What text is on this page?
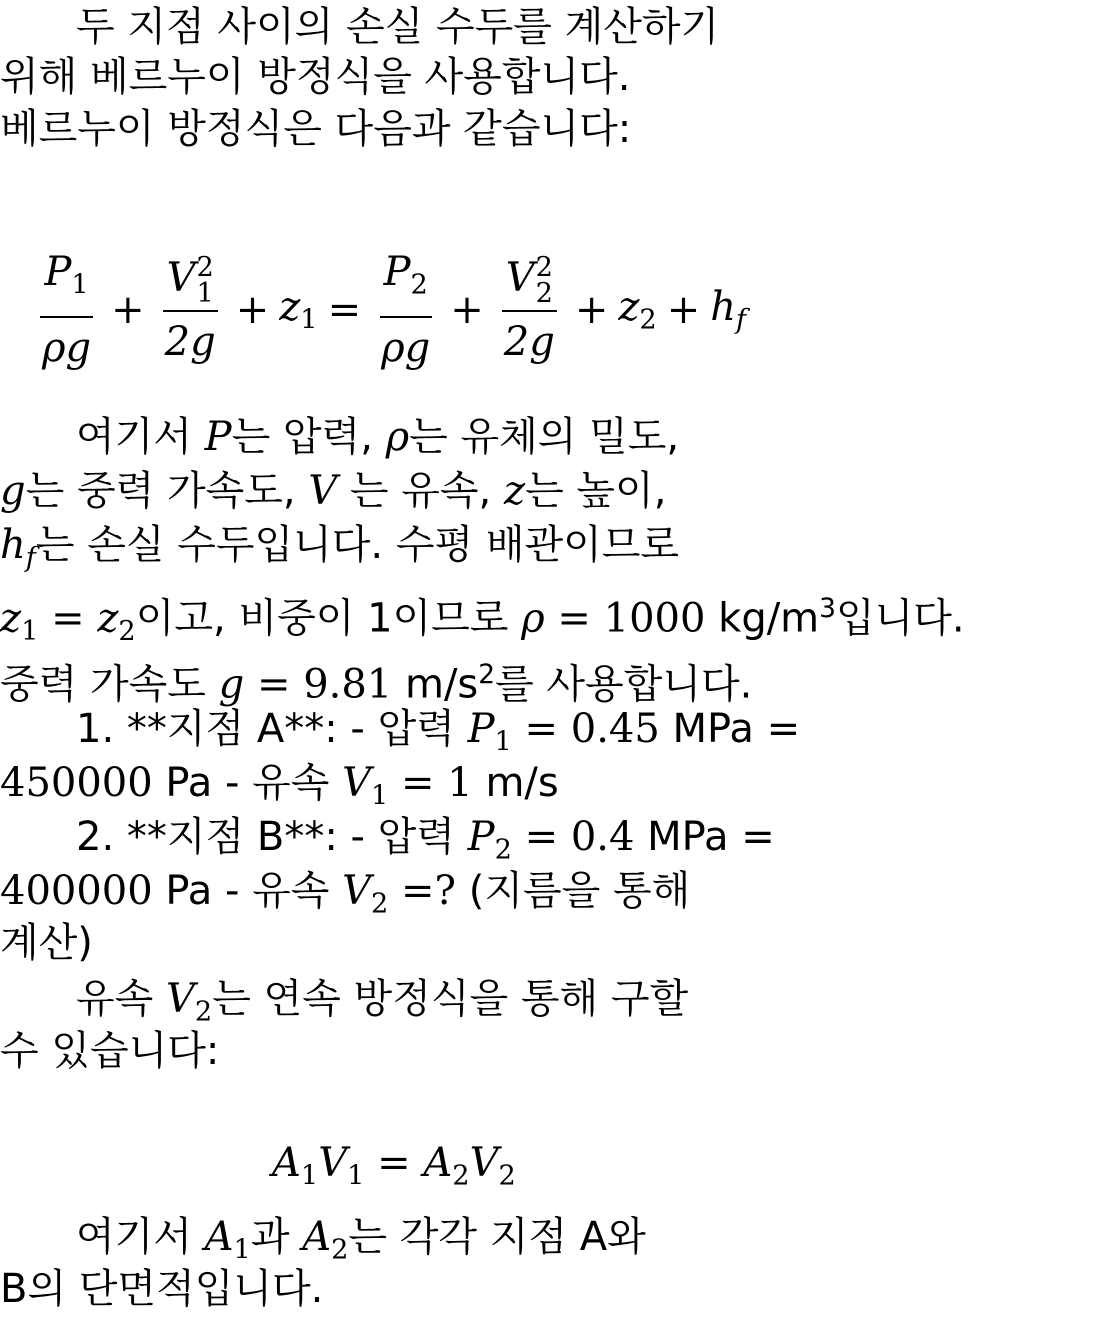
두 지점 사이의 손실 수두를 계산하기
위해 베르누이 방정식을 사용합니다.
베르누이 방정식은 다음과 같습니다:
$\frac{P_1}{\rho g} + V$ 2
1
$2g + z_1 = \frac{P_2}{\rho g} + V$ 2
2
$2g + z_2 + h_f$
여기서 P는 압력, ρ는 유체의 밀도,
g는 중력 가속도, V 는 유속, z는 높이,
$h_f$는 손실 수두입니다. 수평 배관이므로
$z_1 = z_2$이고, 비중이 1이므로 ρ = 1000 $kg/m^3$입니다.
중력 가속도 g = 9.81 $m/s^2$를 사용합니다.
1. **지점 A**: - 압력 $P_1 = 0.45$ MPa =
450000 Pa - 유속 $V_1 = 1$ m/s
2. **지점 B**: - 압력 $P_2 = 0.4$ MPa =
400000 Pa - 유속 $V_2$ =? (지름을 통해
계산)
유속 $V_2$는 연속 방정식을 통해 구할
수 있습니다:
$A_1V_1 = A_2V_2$
여기서 $A_1$과 $A_2$는 각각 지점 A와
B의 단면적입니다.
